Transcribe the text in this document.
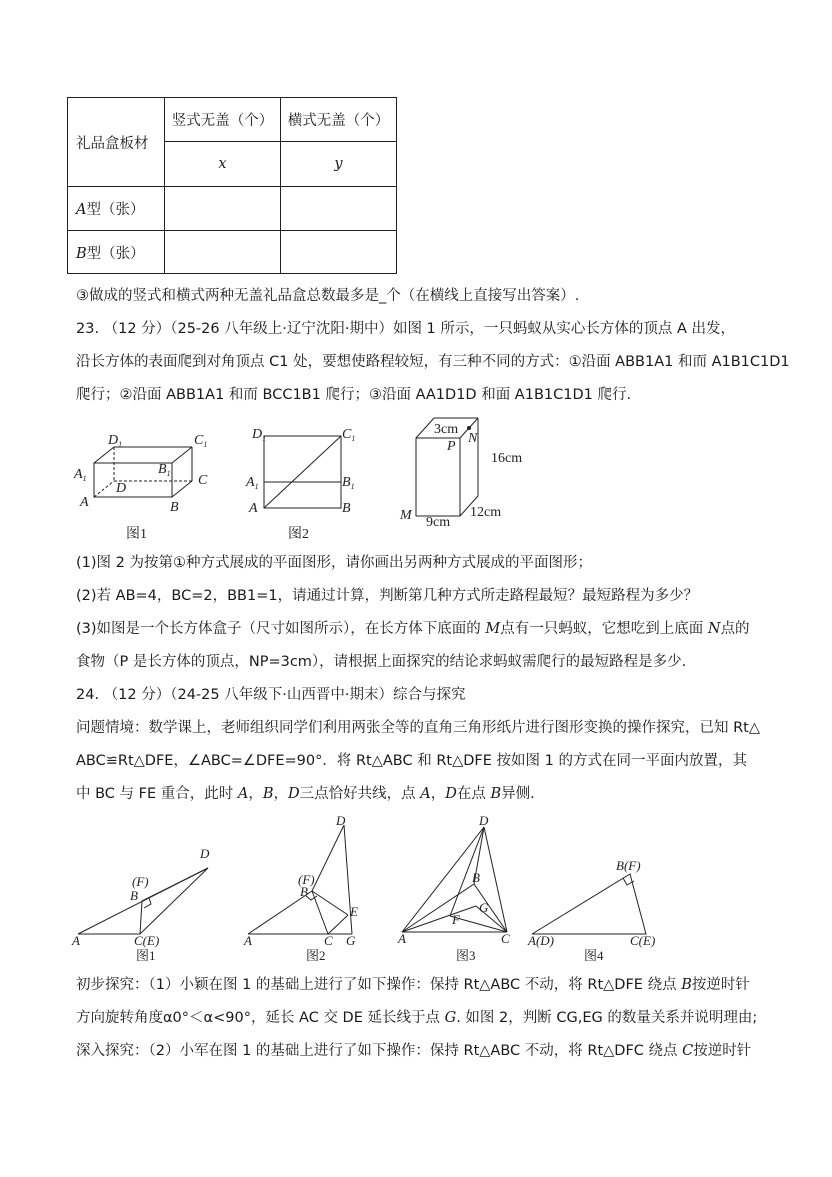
礼品盒板材	竖式无盖（个）	横式无盖（个）
	x	y
A型（张）		
B型（张）		
③做成的竖式和横式两种无盖礼品盒总数最多是_个（在横线上直接写出答案）.
23. （12 分）（25-26 八年级上·辽宁沈阳·期中）如图 1 所示，一只蚂蚁从实心长方体的顶点 A 出发，
沿长方体的表面爬到对角顶点 C1 处，要想使路程较短，有三种不同的方式：①沿面 ABB1A1 和而 A1B1C1D1
爬行；②沿面 ABB1A1 和而 BCC1B1 爬行；③沿面 AA1D1D 和面 A1B1C1D1 爬行.
$D_1$	$C_1$
$A_1$
$B_1$ C
D
A	B
图1
$D_1$	$C_1$
$A_1$	$B_1$
A	B
图2
3cm
P
N
16cm
M 9cm
12cm
(1)图 2 为按第①种方式展成的平面图形，请你画出另两种方式展成的平面图形；
(2)若 AB=4，BC=2，BB1=1，请通过计算，判断第几种方式所走路程最短？最短路程为多少？
(3)如图是一个长方体盒子（尺寸如图所示），在长方体下底面的 M点有一只蚂蚁，它想吃到上底面 N点的
食物（P 是长方体的顶点，NP=3cm），请根据上面探究的结论求蚂蚁需爬行的最短路程是多少.
24. （12 分）（24-25 八年级下·山西晋中·期末）综合与探究
问题情境：数学课上，老师组织同学们利用两张全等的直角三角形纸片进行图形变换的操作探究，已知 Rt△
ABC≌Rt△DFE，∠ABC=∠DFE=90°．将 Rt△ABC 和 Rt△DFE 按如图 1 的方式在同一平面内放置，其
中 BC 与 FE 重合，此时 A，B，D三点恰好共线，点 A，D在点 B异侧.
(F)
B
D
A	C(E)
(F)
B
D
E
A	C G
D
B
G
F
A	C
B(F)
A(D)	C(E)
图1	图2	图3	图4
初步探究：（1）小颖在图 1 的基础上进行了如下操作：保持 Rt△ABC 不动，将 Rt△DFE 绕点 B按逆时针
方向旋转角度α0°＜α<90°，延长 AC 交 DE 延长线于点 G. 如图 2，判断 CG,EG 的数量关系并说明理由;
深入探究：（2）小军在图 1 的基础上进行了如下操作：保持 Rt△ABC 不动，将 Rt△DFC 绕点 C按逆时针
